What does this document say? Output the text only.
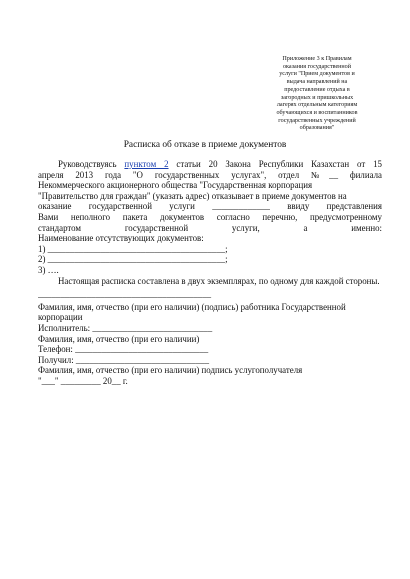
Приложение 3 к Правилам
оказания государственной
услуги "Прием документов и
выдача направлений на
предоставление отдыха в
загородных и пришкольных
лагерях отдельным категориям
обучающихся и воспитанников
государственных учреждений
образования"
Расписка об отказе в приеме документов
Руководствуясь пунктом 2 статьи 20 Закона Республики Казахстан от 15
апреля 2013 года "О государственных услугах", отдел №__ филиала
Некоммерческого акционерного общества "Государственная корпорация
"Правительство для граждан" (указать адрес) отказывает в приеме документов на
оказание государственной услуги _____________ ввиду представления
Вами неполного пакета документов согласно перечню, предусмотренному
стандартом государственной услуги, а именно:
Наименование отсутствующих документов:
1) ________________________________________;
2) ________________________________________;
3) ….
Настоящая расписка составлена в двух экземплярах, по одному для каждой стороны.
_______________________________________
Фамилия, имя, отчество (при его наличии) (подпись) работника Государственной корпорации
Исполнитель: ___________________________
Фамилия, имя, отчество (при его наличии)
Телефон: ______________________________
Получил: ______________________________
Фамилия, имя, отчество (при его наличии) подпись услугополучателя
"___" _________ 20__ г.
